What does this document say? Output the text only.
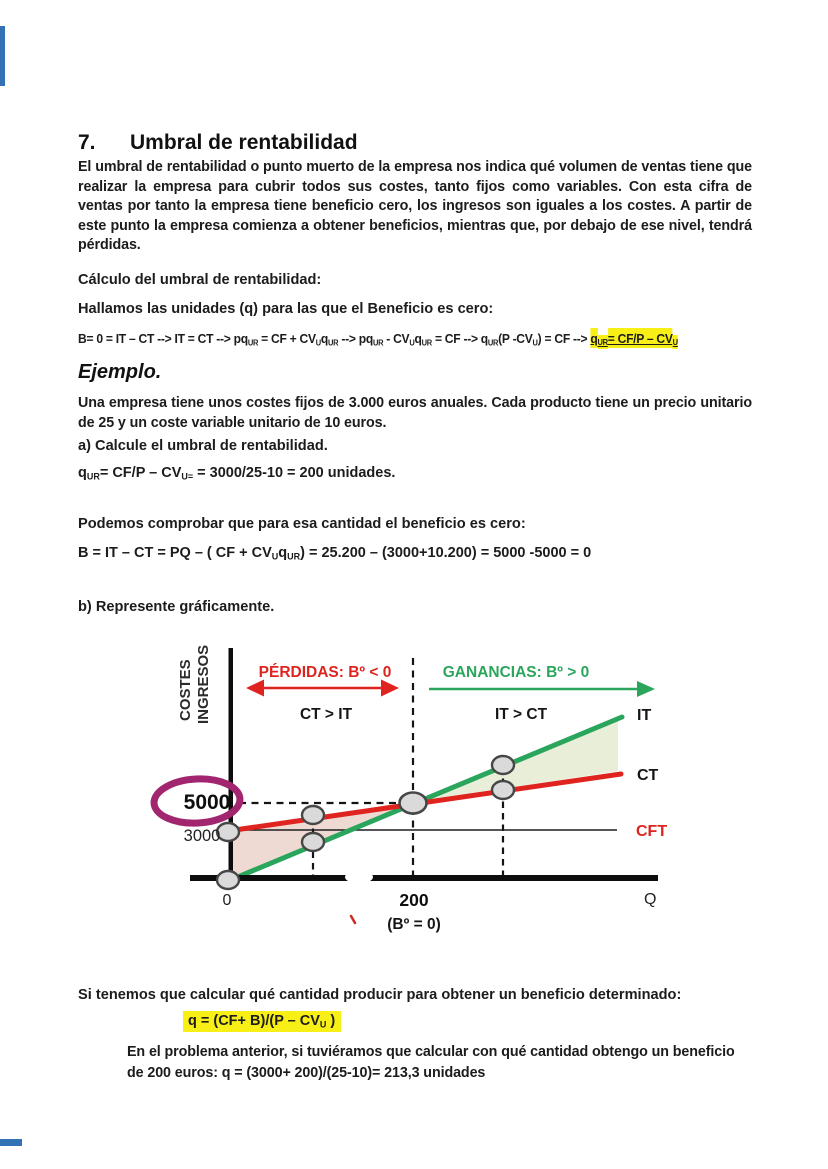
7. Umbral de rentabilidad

El umbral de rentabilidad o punto muerto de la empresa nos indica qué volumen de ventas tiene que realizar la empresa para cubrir todos sus costes, tanto fijos como variables. Con esta cifra de ventas por tanto la empresa tiene beneficio cero, los ingresos son iguales a los costes. A partir de este punto la empresa comienza a obtener beneficios, mientras que, por debajo de ese nivel, tendrá pérdidas.

Cálculo del umbral de rentabilidad:

Hallamos las unidades (q) para las que el Beneficio es cero:

B= 0 = IT – CT --> IT = CT --> $pq_{UR}$ = CF + $CV_Uq_{UR}$ --> $pq_{UR} - CV_Uq_{UR}$ = CF --> $q_{UR}(P$ $-CV_U$) = CF --> $q_{UR}= CF/P - CV_U$

Ejemplo.

Una empresa tiene unos costes fijos de 3.000 euros anuales. Cada producto tiene un precio unitario de 25 y un coste variable unitario de 10 euros.

a) Calcule el umbral de rentabilidad.

$q_{UR}= CF/P - CV_{U=} = 3000/25-10 = 200$ unidades.

Podemos comprobar que para esa cantidad el beneficio es cero:

B = IT – CT = PQ – ( CF + $CV_Uq_{UR}) = 25.200 - (3000+10.200) = 5000$ -5000 = 0

b) Represente gráficamente.

COSTES INGRESOS	PÉRDIDAS: Bº < 0
CT > IT
GANANCIAS: Bº > 0
IT > CT	IT
CT
CFT
5000
3000
0	200
(Bº = 0)
Q

Si tenemos que calcular qué cantidad producir para obtener un beneficio determinado:

$q = (CF+ B)/(P - CV_U$ )

En el problema anterior, si tuviéramos que calcular con qué cantidad obtengo un beneficio de 200 euros: q = (3000+ 200)/(25-10)= 213,3 unidades
